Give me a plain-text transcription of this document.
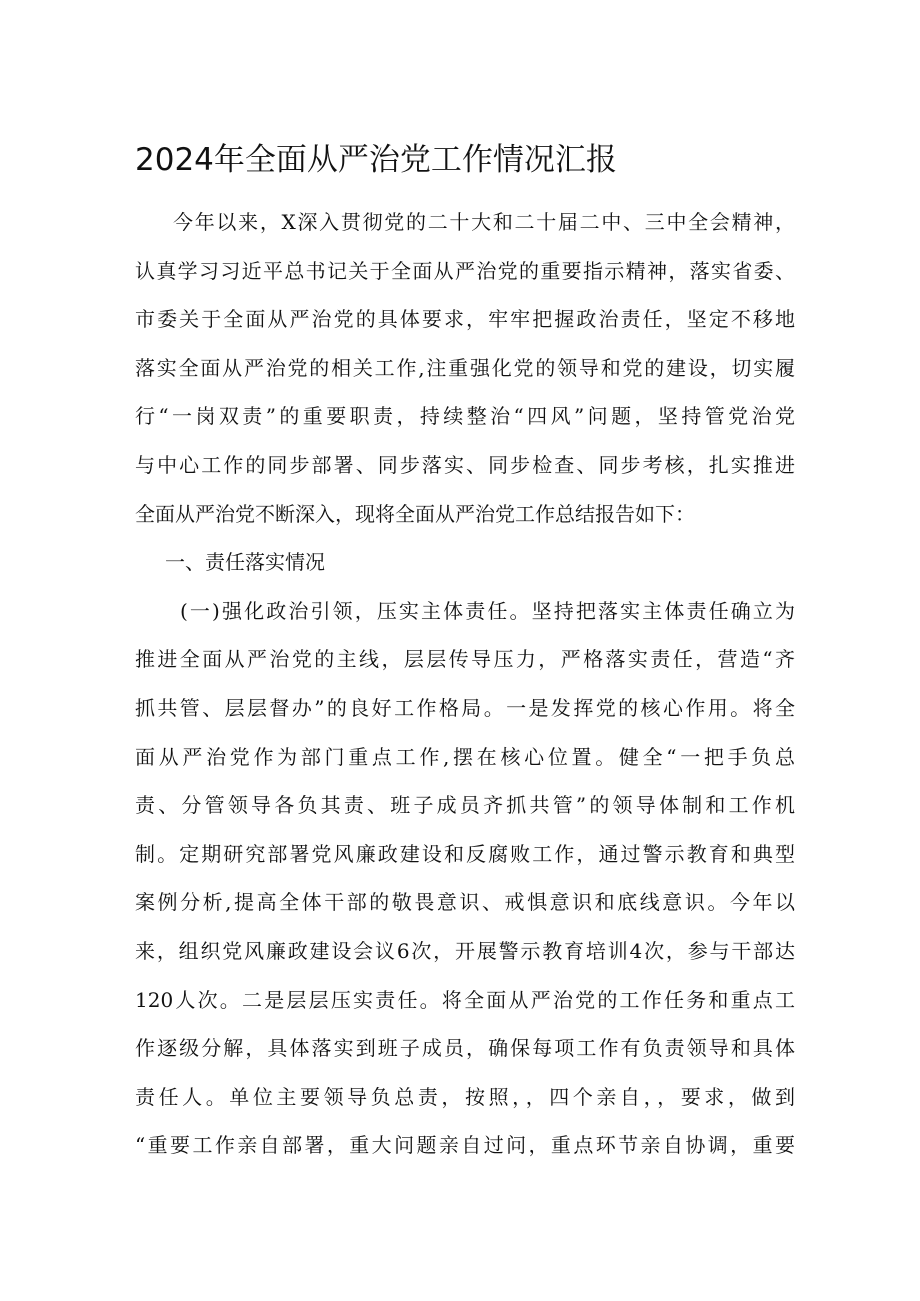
2024年全面从严治党工作情况汇报
今年以来，X深入贯彻党的二十大和二十届二中、三中全会精神，
认真学习习近平总书记关于全面从严治党的重要指示精神，落实省委、
市委关于全面从严治党的具体要求，牢牢把握政治责任，坚定不移地
落实全面从严治党的相关工作,注重强化党的领导和党的建设，切实履
行“一岗双责”的重要职责，持续整治“四风”问题，坚持管党治党
与中心工作的同步部署、同步落实、同步检查、同步考核，扎实推进
全面从严治党不断深入，现将全面从严治党工作总结报告如下：
一、责任落实情况
(一)强化政治引领，压实主体责任。坚持把落实主体责任确立为
推进全面从严治党的主线，层层传导压力，严格落实责任，营造“齐
抓共管、层层督办”的良好工作格局。一是发挥党的核心作用。将全
面从严治党作为部门重点工作,摆在核心位置。健全“一把手负总
责、分管领导各负其责、班子成员齐抓共管”的领导体制和工作机
制。定期研究部署党风廉政建设和反腐败工作，通过警示教育和典型
案例分析,提高全体干部的敬畏意识、戒惧意识和底线意识。今年以
来，组织党风廉政建设会议6次，开展警示教育培训4次，参与干部达
120人次。二是层层压实责任。将全面从严治党的工作任务和重点工
作逐级分解，具体落实到班子成员，确保每项工作有负责领导和具体
责任人。单位主要领导负总责，按照，，四个亲自，，要求，做到
“重要工作亲自部署，重大问题亲自过问，重点环节亲自协调，重要
